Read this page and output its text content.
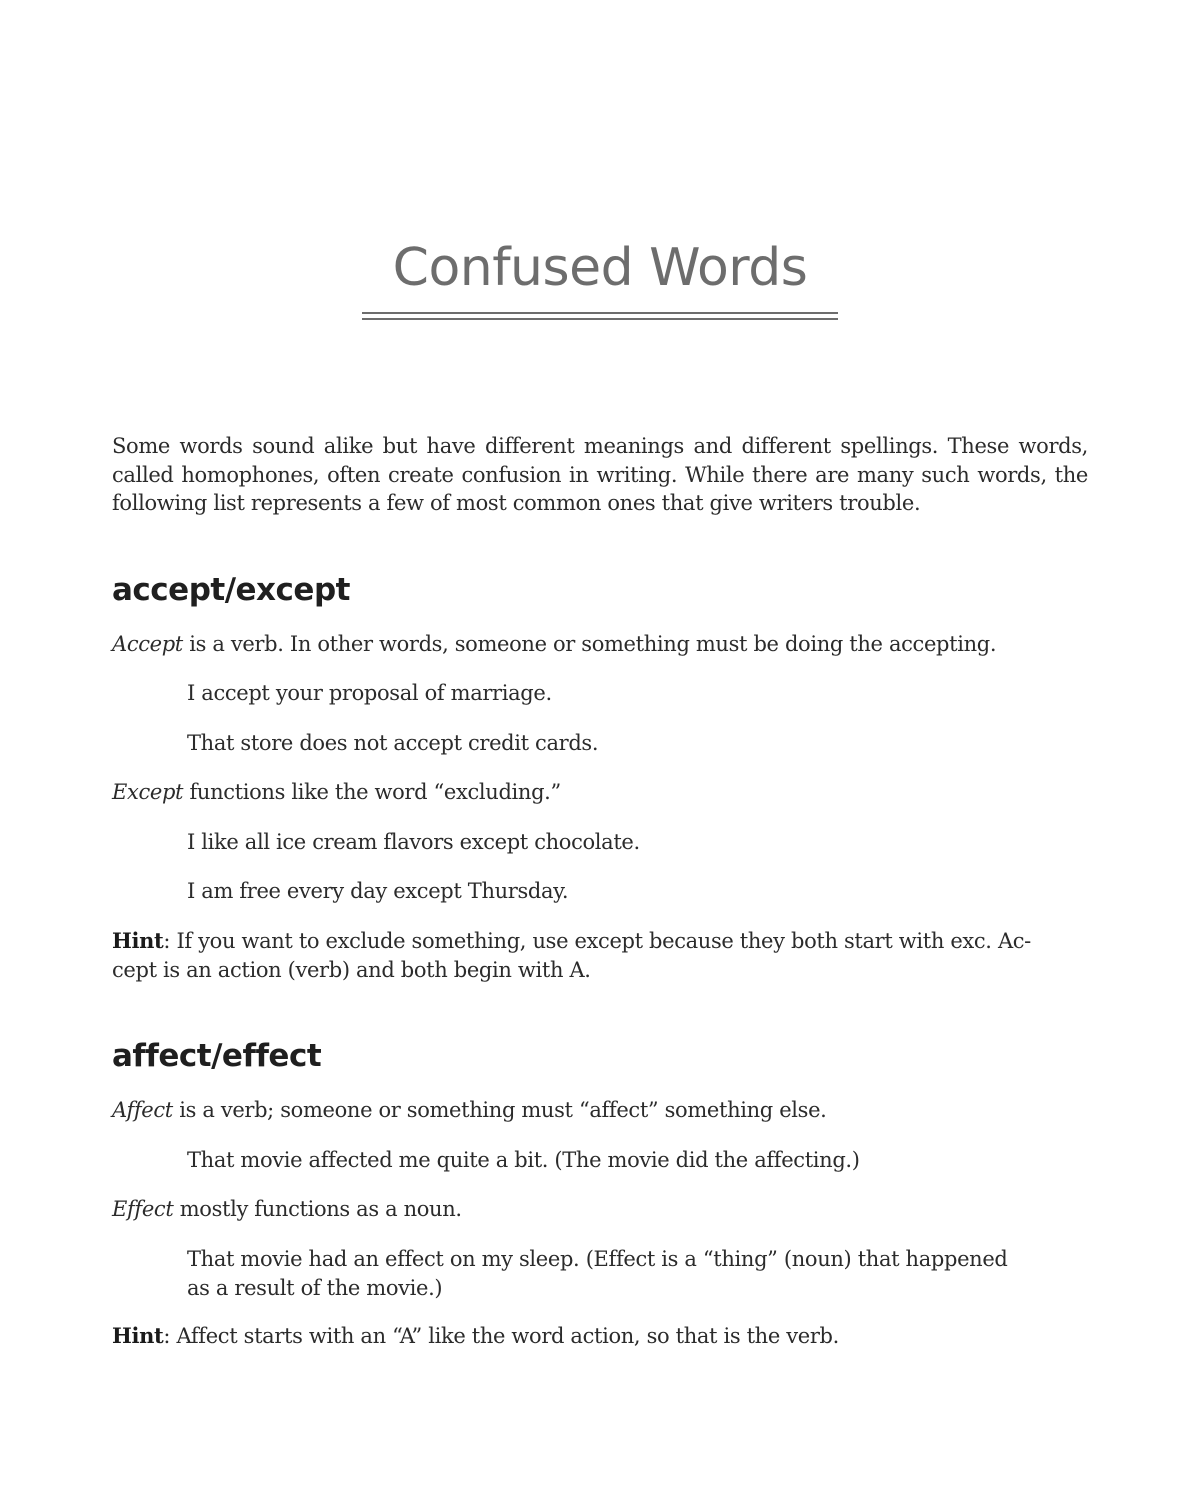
Confused Words
Some words sound alike but have different meanings and different spellings. These words, called homophones, often create confusion in writing. While there are many such words, the following list represents a few of most common ones that give writers trouble.
accept/except
Accept is a verb. In other words, someone or something must be doing the accepting.
I accept your proposal of marriage.
That store does not accept credit cards.
Except functions like the word “excluding.”
I like all ice cream flavors except chocolate.
I am free every day except Thursday.
Hint: If you want to exclude something, use except because they both start with exc. Ac-
cept is an action (verb) and both begin with A.
affect/effect
Affect is a verb; someone or something must “affect” something else.
That movie affected me quite a bit. (The movie did the affecting.)
Effect mostly functions as a noun.
That movie had an effect on my sleep. (Effect is a “thing” (noun) that happened
as a result of the movie.)
Hint: Affect starts with an “A” like the word action, so that is the verb.
